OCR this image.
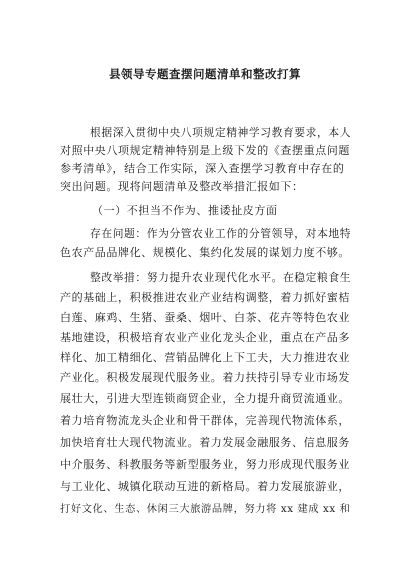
县领导专题查摆问题清单和整改打算
根据深入贯彻中央八项规定精神学习教育要求，本人
对照中央八项规定精神特别是上级下发的《查摆重点问题
参考清单》，结合工作实际，深入查摆学习教育中存在的
突出问题。现将问题清单及整改举措汇报如下：
（一）不担当不作为、推诿扯皮方面
存在问题：作为分管农业工作的分管领导，对本地特
色农产品品牌化、规模化、集约化发展的谋划力度不够。
整改举措：努力提升农业现代化水平。在稳定粮食生
产的基础上，积极推进农业产业结构调整，着力抓好蜜桔
白莲、麻鸡、生猪、蚕桑、烟叶、白茶、花卉等特色农业
基地建设，积极培育农业产业化龙头企业，重点在产品多
样化、加工精细化、营销品牌化上下工夫，大力推进农业
产业化。积极发展现代服务业。着力扶持引导专业市场发
展壮大，引进大型连锁商贸企业，全力提升商贸流通业。
着力培育物流龙头企业和骨干群体，完善现代物流体系，
加快培育壮大现代物流业。着力发展金融服务、信息服务
中介服务、科教服务等新型服务业，努力形成现代服务业
与工业化、城镇化联动互进的新格局。着力发展旅游业，
打好文化、生态、休闲三大旅游品牌，努力将 xx 建成 xx 和
